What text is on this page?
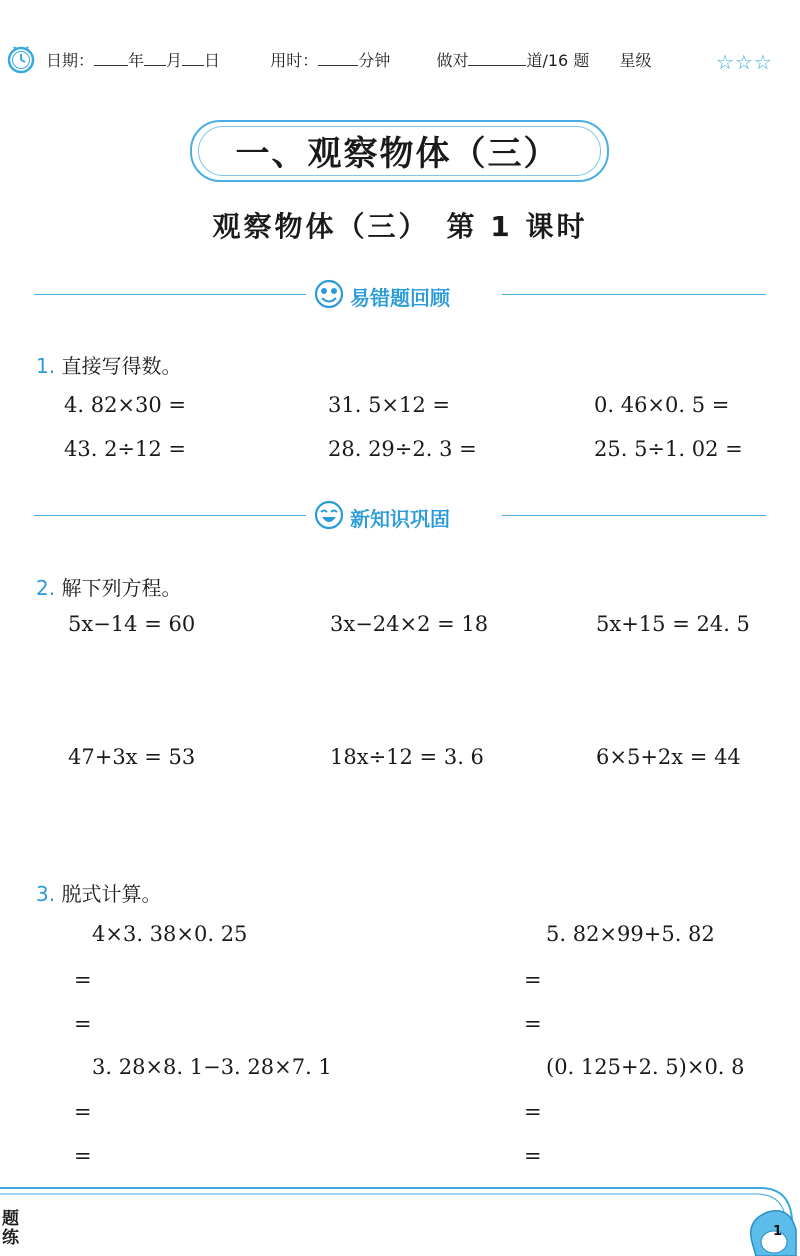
日期： 年 月 日	用时：	分钟	做对	道/16 题 星级	☆☆☆
一、观察物体（三）
观察物体（三）　第 1 课时
易错题回顾
1. 直接写得数。
4. 82×30 =	31. 5×12 =	0. 46×0. 5 =
43. 2÷12 =	28. 29÷2. 3 =	25. 5÷1. 02 =
新知识巩固
2. 解下列方程。
5x−14 = 60	3x−24×2 = 18	5x+15 = 24. 5
47+3x = 53	18x÷12 = 3. 6	6×5+2x = 44
3. 脱式计算。
4×3. 38×0. 25	5. 82×99+5. 82
=	=
=	=
3. 28×8. 1−3. 28×7. 1	(0. 125+2. 5)×0. 8
=	=
=	=
题练	1
